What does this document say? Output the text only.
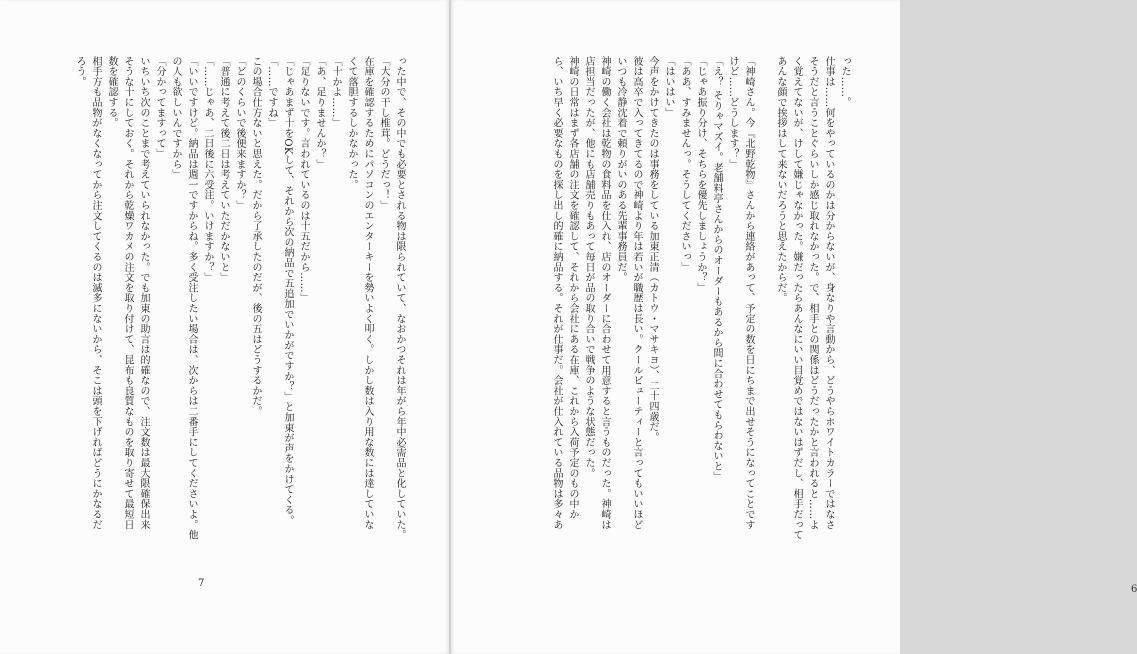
った中で、その中でも必要とされる物は限られていて、なおかつそれは年がら年中必需品と化していた。
「大分の干し椎茸。どうだっ！」
在庫を確認するためにパソコンのエンターキーを勢いよく叩く。しかし数は入り用な数には達していな
くて落胆するしかなかった。
「十かよ……」
「あ、足りませんか？」
「足りないです。言われているのは十五だから……」
「じゃあまず十をOKして、それから次の納品で五追加でいかがですか？」と加東が声をかけてくる。
「……ですね」
この場合仕方ないと思えた。だから了承したのだが、後の五はどうするかだ。
「どのくらいで後便来ますか？」
「普通に考えて後二日は考えていただかないと」
「……じゃあ、二日後に六受注。いけますか？」
「いいですけど。納品は週一ですからね。多く受注したい場合は、次からは二番手にしてくださいよ。他
の人も欲しいんですから」
「分かってますって」
いちいち次のことまで考えていられなかった。でも加東の助言は的確なので、注文数は最大限確保出来
そうな十にしておく。それから乾燥ワカメの注文を取り付けて、昆布も良質なものを取り寄せて最短日
数を確認する。
相手方も品物がなくなってから注文してくるのは滅多にないから、そこは頭を下げればどうにかなるだ
ろう。
7
った……。
仕事は……何をやっているのかは分からないが、身なりや言動から、どうやらホワイトカラーではなさ
そうだと言うことぐらいしか感じ取れなかった。で、相手との関係はどうだったかと言われると……よ
く覚えてないが、けして嫌じゃなかった。嫌だったらあんなにいい目覚めではないはずだし、相手だって
あんな顔で挨拶はして来ないだろうと思えたからだ。

「神崎さん。今『北野乾物』さんから連絡があって、予定の数を日にちまで出せそうになってことです
けど……どうします？」
「え？ そりゃマズイ。老舗料亭さんからのオーダーもあるから間に合わせてもらわないと」
「じゃあ振り分け、そちらを優先しましょうか？」
「ああ、すみませんっ。そうしてくださいっ」
「はいはい」
今声をかけてきたのは事務をしている加東正清（カトウ・マサキヨ）、二十四歳だ。
彼は高卒で入ってきてるので神崎より年は若いが職歴は長い。クールビューティーと言ってもいいほど
いつも冷静沈着で頼りがいのある先輩事務員だ。
神崎の働く会社は乾物の食料品を仕入れ、店のオーダーに合わせて用意すると言うものだった。神崎は
店担当だったが、他にも店舗売りもあって毎日が品の取り合いで戦争のような状態だった。
神崎の日常はまず各店舗の注文を確認して、それから会社にある在庫、これから入荷予定のもの中か
ら、いち早く必要なものを探し出し的確に納品する。それが仕事だ。会社が仕入れている品物は多々あ
6
